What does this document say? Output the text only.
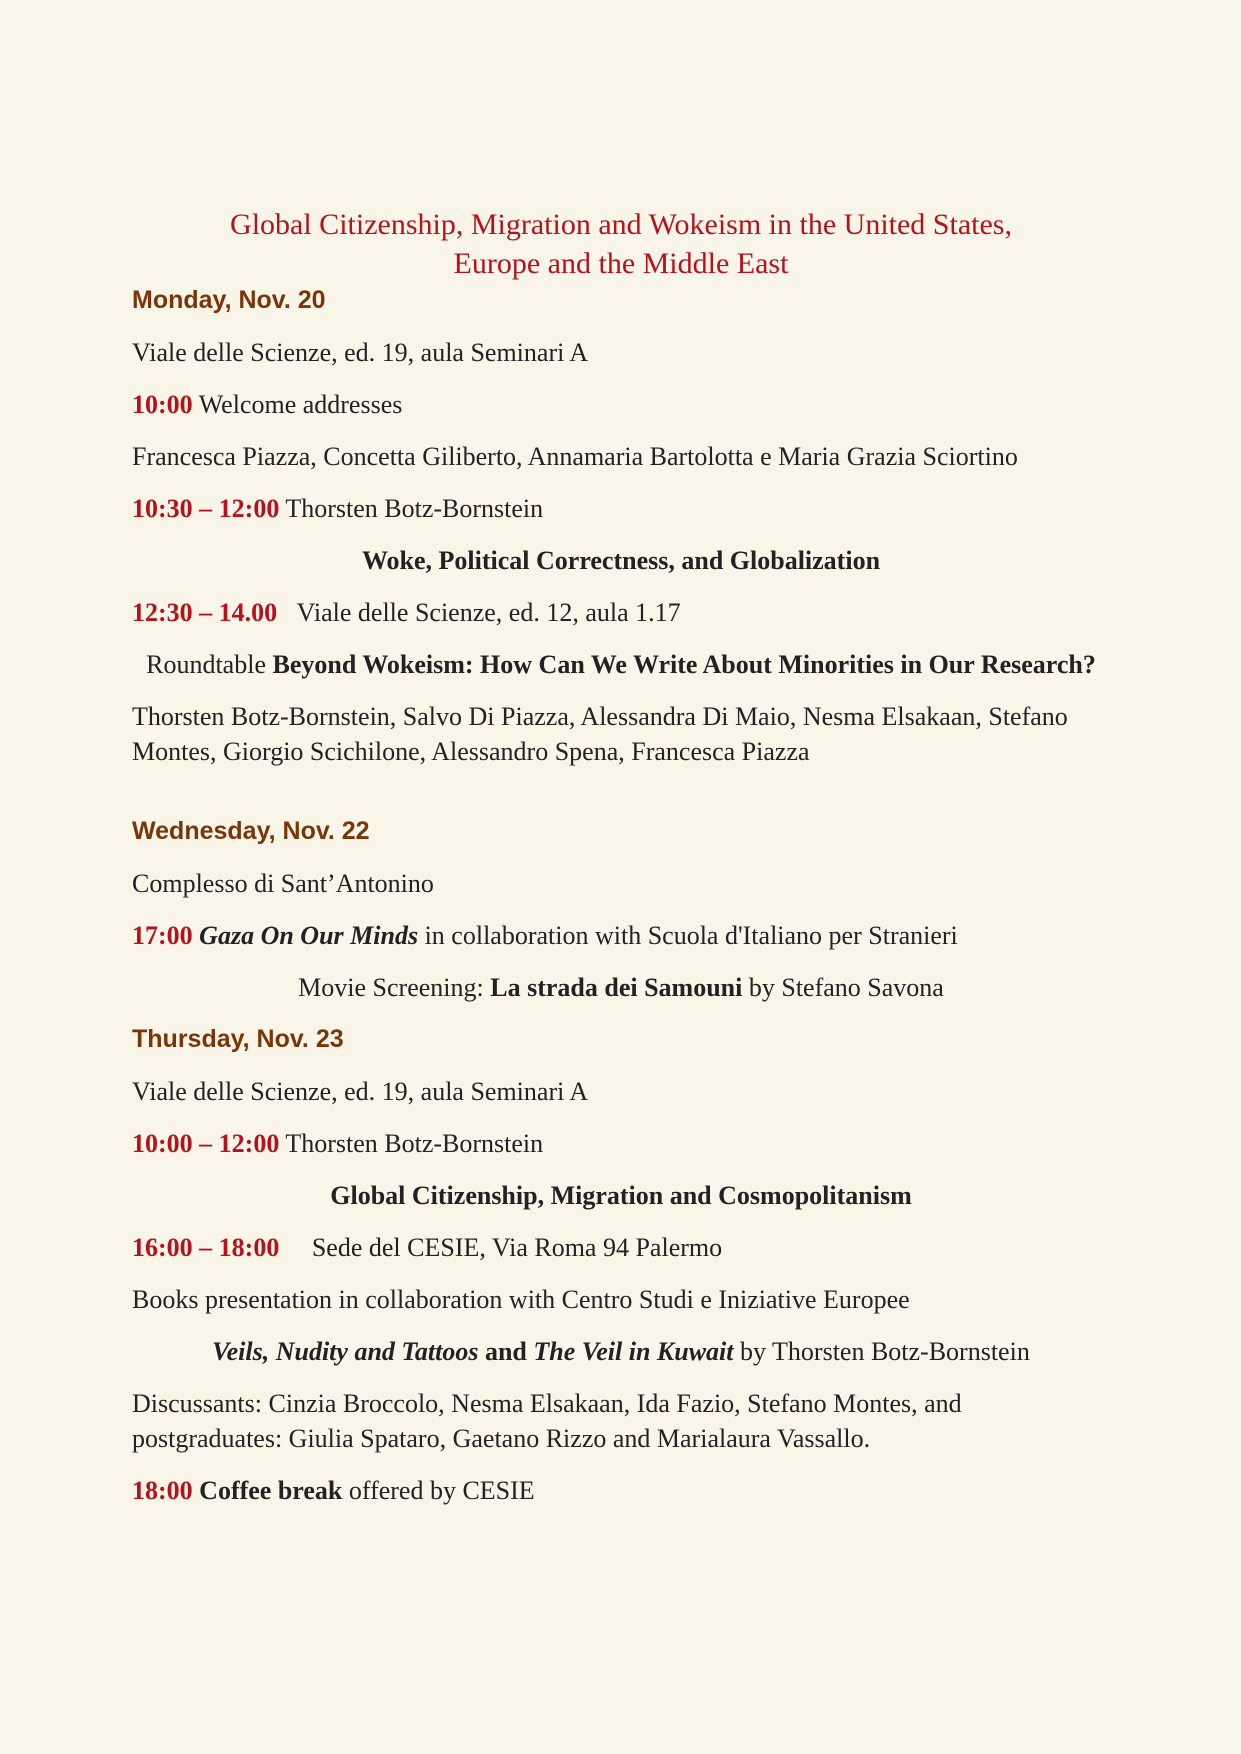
Global Citizenship, Migration and Wokeism in the United States,
Europe and the Middle East
Monday, Nov. 20

Viale delle Scienze, ed. 19, aula Seminari A

10:00 Welcome addresses

Francesca Piazza, Concetta Giliberto, Annamaria Bartolotta e Maria Grazia Sciortino

10:30 – 12:00 Thorsten Botz-Bornstein

Woke, Political Correctness, and Globalization

12:30 – 14.00 Viale delle Scienze, ed. 12, aula 1.17

Roundtable Beyond Wokeism: How Can We Write About Minorities in Our Research?

Thorsten Botz-Bornstein, Salvo Di Piazza, Alessandra Di Maio, Nesma Elsakaan, Stefano Montes, Giorgio Scichilone, Alessandro Spena, Francesca Piazza

Wednesday, Nov. 22

Complesso di Sant’Antonino

17:00 Gaza On Our Minds in collaboration with Scuola d'Italiano per Stranieri

Movie Screening: La strada dei Samouni by Stefano Savona

Thursday, Nov. 23

Viale delle Scienze, ed. 19, aula Seminari A

10:00 – 12:00 Thorsten Botz-Bornstein

Global Citizenship, Migration and Cosmopolitanism

16:00 – 18:00 Sede del CESIE, Via Roma 94 Palermo

Books presentation in collaboration with Centro Studi e Iniziative Europee

Veils, Nudity and Tattoos and The Veil in Kuwait by Thorsten Botz-Bornstein

Discussants: Cinzia Broccolo, Nesma Elsakaan, Ida Fazio, Stefano Montes, and postgraduates: Giulia Spataro, Gaetano Rizzo and Marialaura Vassallo.

18:00 Coffee break offered by CESIE
